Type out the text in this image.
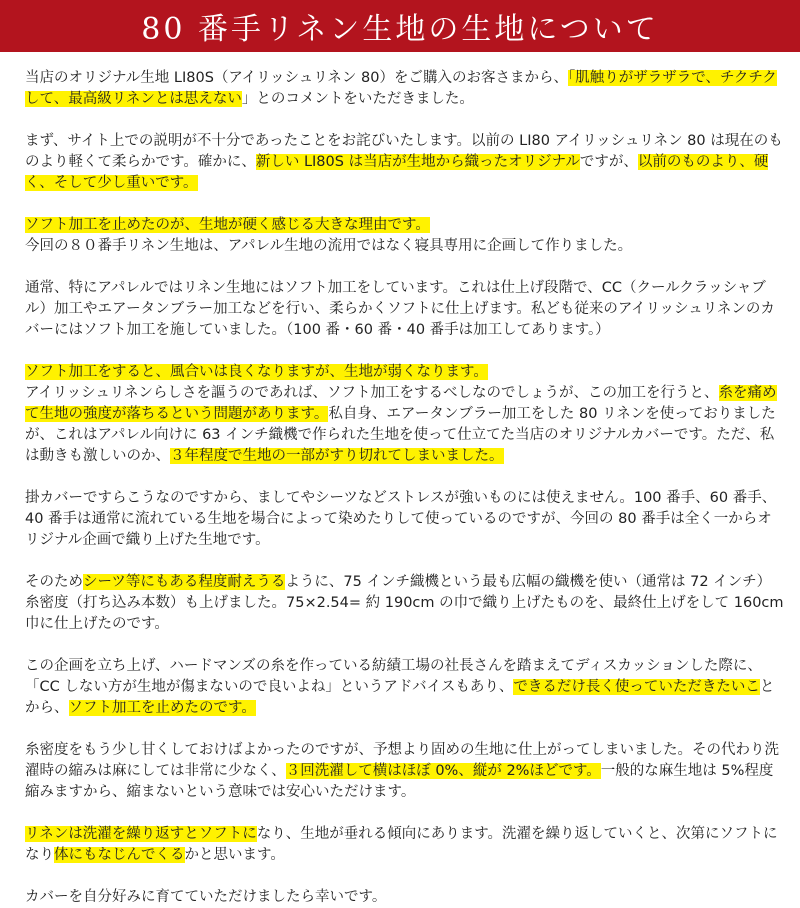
80 番手リネン生地の生地について

当店のオリジナル生地 LI80S（アイリッシュリネン 80）をご購入のお客さまから、「肌触りがザラザラで、チクチクして、最高級リネンとは思えない」とのコメントをいただきました。

まず、サイト上での説明が不十分であったことをお詫びいたします。以前の LI80 アイリッシュリネン 80 は現在のものより軽くて柔らかです。確かに、新しい LI80S は当店が生地から織ったオリジナルですが、以前のものより、硬く、そして少し重いです。

ソフト加工を止めたのが、生地が硬く感じる大きな理由です。
今回の８０番手リネン生地は、アパレル生地の流用ではなく寝具専用に企画して作りました。

通常、特にアパレルではリネン生地にはソフト加工をしています。これは仕上げ段階で、CC（クールクラッシャブル）加工やエアータンブラー加工などを行い、柔らかくソフトに仕上げます。私ども従来のアイリッシュリネンのカバーにはソフト加工を施していました。（100 番・60 番・40 番手は加工してあります。）

ソフト加工をすると、風合いは良くなりますが、生地が弱くなります。
アイリッシュリネンらしさを謳うのであれば、ソフト加工をするべしなのでしょうが、この加工を行うと、糸を痛めて生地の強度が落ちるという問題があります。私自身、エアータンブラー加工をした 80 リネンを使っておりましたが、これはアパレル向けに 63 インチ織機で作られた生地を使って仕立てた当店のオリジナルカバーです。ただ、私は動きも激しいのか、３年程度で生地の一部がすり切れてしまいました。

掛カバーですらこうなのですから、ましてやシーツなどストレスが強いものには使えません。100 番手、60 番手、40 番手は通常に流れている生地を場合によって染めたりして使っているのですが、今回の 80 番手は全く一からオリジナル企画で織り上げた生地です。

そのためシーツ等にもある程度耐えうるように、75 インチ織機という最も広幅の織機を使い（通常は 72 インチ）糸密度（打ち込み本数）も上げました。75×2.54= 約 190cm の巾で織り上げたものを、最終仕上げをして 160cm 巾に仕上げたのです。

この企画を立ち上げ、ハードマンズの糸を作っている紡績工場の社長さんを踏まえてディスカッションした際に、「CC しない方が生地が傷まないので良いよね」というアドバイスもあり、できるだけ長く使っていただきたいことから、ソフト加工を止めたのです。

糸密度をもう少し甘くしておけばよかったのですが、予想より固めの生地に仕上がってしまいました。その代わり洗濯時の縮みは麻にしては非常に少なく、３回洗濯して横はほぼ 0%、縦が 2%ほどです。一般的な麻生地は 5%程度縮みますから、縮まないという意味では安心いただけます。

リネンは洗濯を繰り返すとソフトになり、生地が垂れる傾向にあります。洗濯を繰り返していくと、次第にソフトになり体にもなじんでくるかと思います。

カバーを自分好みに育てていただけましたら幸いです。
